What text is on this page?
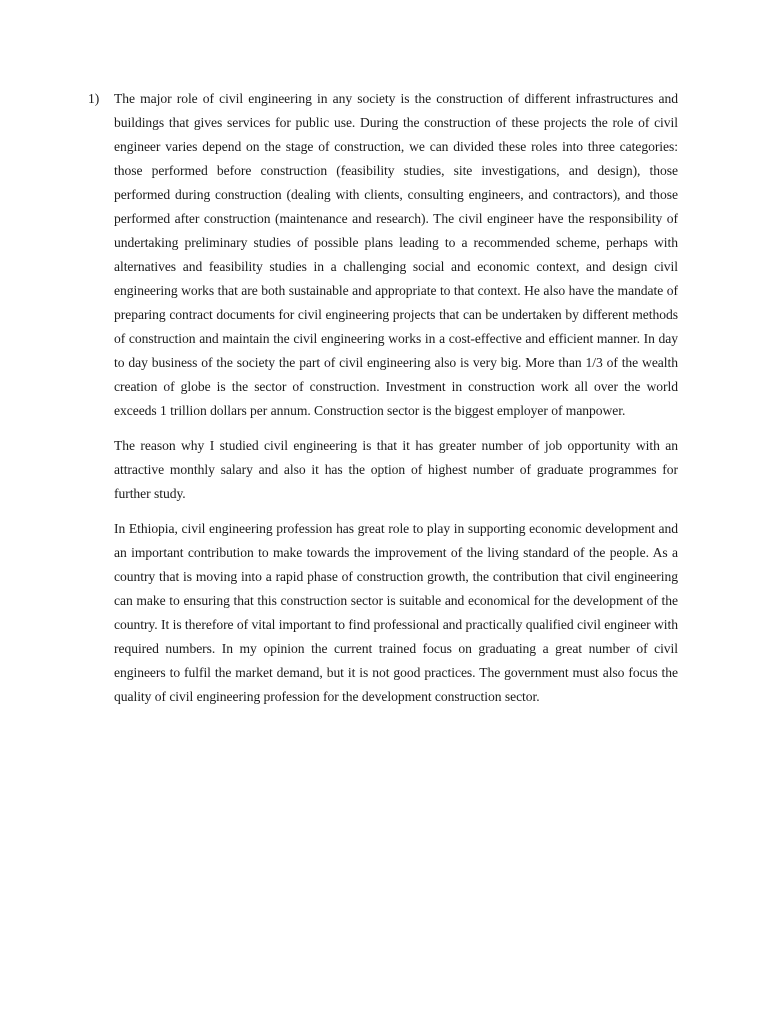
1)	The major role of civil engineering in any society is the construction of different infrastructures and buildings that gives services for public use. During the construction of these projects the role of civil engineer varies depend on the stage of construction, we can divided these roles into three categories: those performed before construction (feasibility studies, site investigations, and design), those performed during construction (dealing with clients, consulting engineers, and contractors), and those performed after construction (maintenance and research). The civil engineer have the responsibility of undertaking preliminary studies of possible plans leading to a recommended scheme, perhaps with alternatives and feasibility studies in a challenging social and economic context, and design civil engineering works that are both sustainable and appropriate to that context. He also have the mandate of preparing contract documents for civil engineering projects that can be undertaken by different methods of construction and maintain the civil engineering works in a cost-effective and efficient manner. In day to day business of the society the part of civil engineering also is very big. More than 1/3 of the wealth creation of globe is the sector of construction. Investment in construction work all over the world exceeds 1 trillion dollars per annum. Construction sector is the biggest employer of manpower.

The reason why I studied civil engineering is that it has greater number of job opportunity with an attractive monthly salary and also it has the option of highest number of graduate programmes for further study.

In Ethiopia, civil engineering profession has great role to play in supporting economic development and an important contribution to make towards the improvement of the living standard of the people. As a country that is moving into a rapid phase of construction growth, the contribution that civil engineering can make to ensuring that this construction sector is suitable and economical for the development of the country. It is therefore of vital important to find professional and practically qualified civil engineer with required numbers. In my opinion the current trained focus on graduating a great number of civil engineers to fulfil the market demand, but it is not good practices. The government must also focus the quality of civil engineering profession for the development construction sector.
